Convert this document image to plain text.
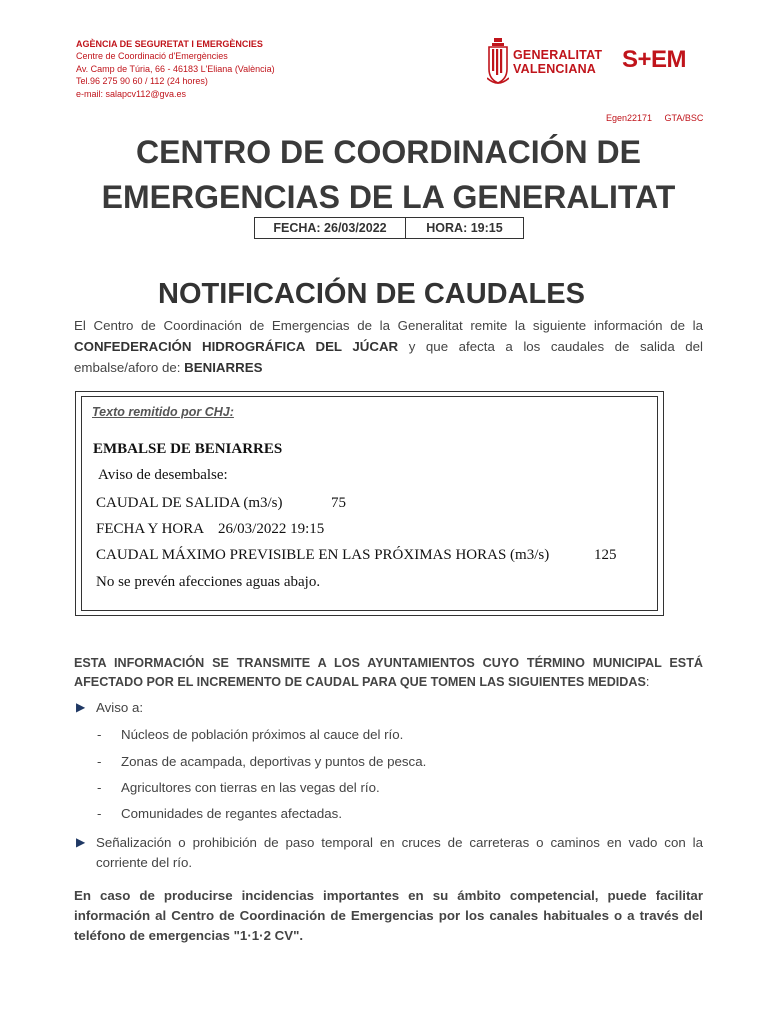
AGÈNCIA DE SEGURETAT I EMERGÈNCIES
Centre de Coordinació d'Emergències
Av. Camp de Túria, 66 - 46183 L'Eliana (València)
Tel.96 275 90 60 / 112 (24 hores)
e-mail: salapcv112@gva.es
GENERALITAT
VALENCIANA S+EM
Egen22171 GTA/BSC
CENTRO DE COORDINACIÓN DE
EMERGENCIAS DE LA GENERALITAT
FECHA: 26/03/2022	HORA: 19:15
NOTIFICACIÓN DE CAUDALES
El Centro de Coordinación de Emergencias de la Generalitat remite la siguiente información de la CONFEDERACIÓN HIDROGRÁFICA DEL JÚCAR y que afecta a los caudales de salida del embalse/aforo de: BENIARRES
Texto remitido por CHJ:
EMBALSE DE BENIARRES
Aviso de desembalse:
CAUDAL DE SALIDA (m3/s)	75
FECHA Y HORA 26/03/2022 19:15
CAUDAL MÁXIMO PREVISIBLE EN LAS PRÓXIMAS HORAS (m3/s)	125
No se prevén afecciones aguas abajo.
ESTA INFORMACIÓN SE TRANSMITE A LOS AYUNTAMIENTOS CUYO TÉRMINO MUNICIPAL ESTÁ AFECTADO POR EL INCREMENTO DE CAUDAL PARA QUE TOMEN LAS SIGUIENTES MEDIDAS:
▶ Aviso a:
- Núcleos de población próximos al cauce del río.
- Zonas de acampada, deportivas y puntos de pesca.
- Agricultores con tierras en las vegas del río.
- Comunidades de regantes afectadas.
▶ Señalización o prohibición de paso temporal en cruces de carreteras o caminos en vado con la corriente del río.
En caso de producirse incidencias importantes en su ámbito competencial, puede facilitar información al Centro de Coordinación de Emergencias por los canales habituales o a través del teléfono de emergencias "1·1·2 CV".
